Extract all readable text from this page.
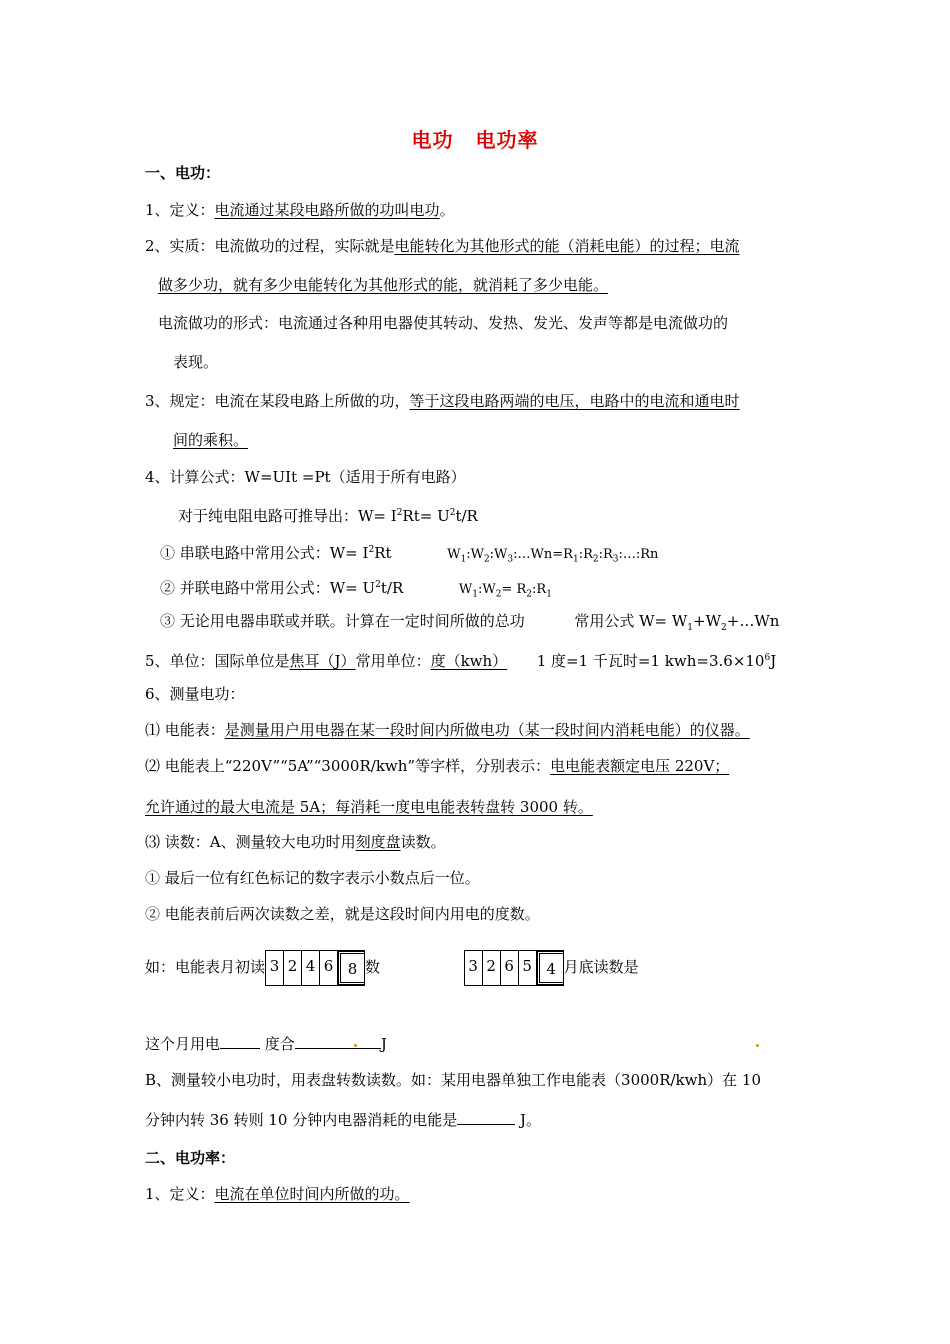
电功 电功率
一、电功：
1、定义：电流通过某段电路所做的功叫电功。
2、实质：电流做功的过程，实际就是电能转化为其他形式的能（消耗电能）的过程；电流
做多少功，就有多少电能转化为其他形式的能，就消耗了多少电能。
电流做功的形式：电流通过各种用电器使其转动、发热、发光、发声等都是电流做功的
表现。
3、规定：电流在某段电路上所做的功，等于这段电路两端的电压，电路中的电流和通电时
间的乘积。
4、计算公式：W=UIt =Pt（适用于所有电路）
对于纯电阻电路可推导出：$W= I^2Rt= U^2t/R$
① 串联电路中常用公式：$W= I^2Rt$	$W_1:W_2:W_3:\dots Wn=R_1:R_2:R_3:\dots:Rn$
② 并联电路中常用公式：$W= U^2t/R$	$W_1:W_2=$ $R_2:R_1$
③ 无论用电器串联或并联。计算在一定时间所做的总功	常用公式 $W= W_1+W_2+\dots Wn$
5、单位：国际单位是焦耳（J）常用单位：度（kwh） 1 度=1 千瓦时=1 $kwh=3.6\times 10^6J$
6、测量电功：
⑴ 电能表：是测量用户用电器在某一段时间内所做电功（某一段时间内消耗电能）的仪器。
⑵ 电能表上“220V”“5A”“3000R/kwh”等字样，分别表示：电电能表额定电压 220V；
允许通过的最大电流是 5A；每消耗一度电电能表转盘转 3000 转。
⑶ 读数：A、测量较大电功时用刻度盘读数。
① 最后一位有红色标记的数字表示小数点后一位。
② 电能表前后两次读数之差，就是这段时间内用电的度数。
如：电能表月初读 3 2 4 6 8 数	3 2 6 5 4 月底读数是
这个月用电	度合	J
B、测量较小电功时，用表盘转数读数。如：某用电器单独工作电能表（3000R/kwh）在 10
分钟内转 36 转则 10 分钟内电器消耗的电能是	J。
二、电功率：
1、定义：电流在单位时间内所做的功。
